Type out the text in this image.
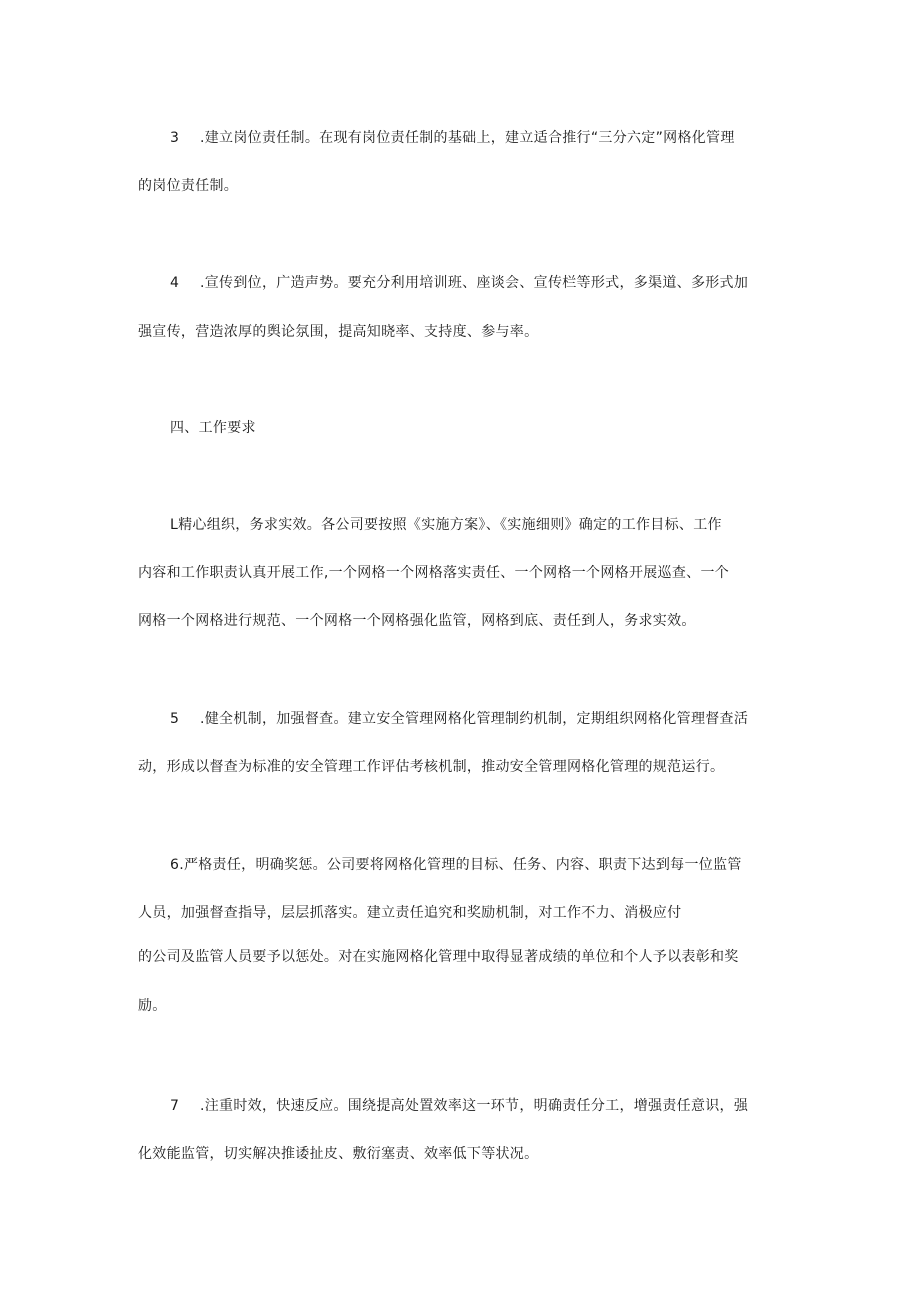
3 .建立岗位责任制。在现有岗位责任制的基础上，建立适合推行“三分六定”网格化管理
的岗位责任制。
4 .宣传到位，广造声势。要充分利用培训班、座谈会、宣传栏等形式，多渠道、多形式加
强宣传，营造浓厚的舆论氛围，提高知晓率、支持度、参与率。
四、工作要求
L精心组织，务求实效。各公司要按照《实施方案》、《实施细则》确定的工作目标、工作
内容和工作职责认真开展工作,一个网格一个网格落实责任、一个网格一个网格开展巡查、一个
网格一个网格进行规范、一个网格一个网格强化监管，网格到底、责任到人，务求实效。
5 .健全机制，加强督查。建立安全管理网格化管理制约机制，定期组织网格化管理督查活
动，形成以督查为标准的安全管理工作评估考核机制，推动安全管理网格化管理的规范运行。
6.严格责任，明确奖惩。公司要将网格化管理的目标、任务、内容、职责下达到每一位监管
人员，加强督查指导，层层抓落实。建立责任追究和奖励机制，对工作不力、消极应付
的公司及监管人员要予以惩处。对在实施网格化管理中取得显著成绩的单位和个人予以表彰和奖
励。
7 .注重时效，快速反应。围绕提高处置效率这一环节，明确责任分工，增强责任意识，强
化效能监管，切实解决推诿扯皮、敷衍塞责、效率低下等状况。
